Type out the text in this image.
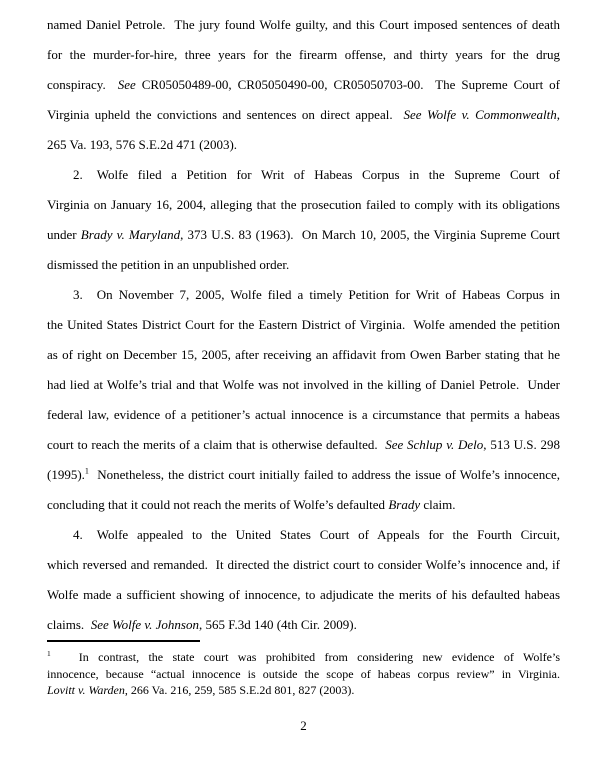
named Daniel Petrole.  The jury found Wolfe guilty, and this Court imposed sentences of death
for the murder-for-hire, three years for the firearm offense, and thirty years for the drug
conspiracy.  See CR05050489-00, CR05050490-00, CR05050703-00.  The Supreme Court of
Virginia upheld the convictions and sentences on direct appeal.  See Wolfe v. Commonwealth,
265 Va. 193, 576 S.E.2d 471 (2003).
2. Wolfe filed a Petition for Writ of Habeas Corpus in the Supreme Court of
Virginia on January 16, 2004, alleging that the prosecution failed to comply with its obligations
under Brady v. Maryland, 373 U.S. 83 (1963).  On March 10, 2005, the Virginia Supreme Court
dismissed the petition in an unpublished order.
3. On November 7, 2005, Wolfe filed a timely Petition for Writ of Habeas Corpus in
the United States District Court for the Eastern District of Virginia.  Wolfe amended the petition
as of right on December 15, 2005, after receiving an affidavit from Owen Barber stating that he
had lied at Wolfe’s trial and that Wolfe was not involved in the killing of Daniel Petrole.  Under
federal law, evidence of a petitioner’s actual innocence is a circumstance that permits a habeas
court to reach the merits of a claim that is otherwise defaulted.  See Schlup v. Delo, 513 U.S. 298
(1995).$^1$  Nonetheless, the district court initially failed to address the issue of Wolfe’s innocence,
concluding that it could not reach the merits of Wolfe’s defaulted Brady claim.
4. Wolfe appealed to the United States Court of Appeals for the Fourth Circuit,
which reversed and remanded.  It directed the district court to consider Wolfe’s innocence and, if
Wolfe made a sufficient showing of innocence, to adjudicate the merits of his defaulted habeas
claims.  See Wolfe v. Johnson, 565 F.3d 140 (4th Cir. 2009).
$^1$   In contrast, the state court was prohibited from considering new evidence of Wolfe’s
innocence, because “actual innocence is outside the scope of habeas corpus review” in Virginia.
Lovitt v. Warden, 266 Va. 216, 259, 585 S.E.2d 801, 827 (2003).
2
